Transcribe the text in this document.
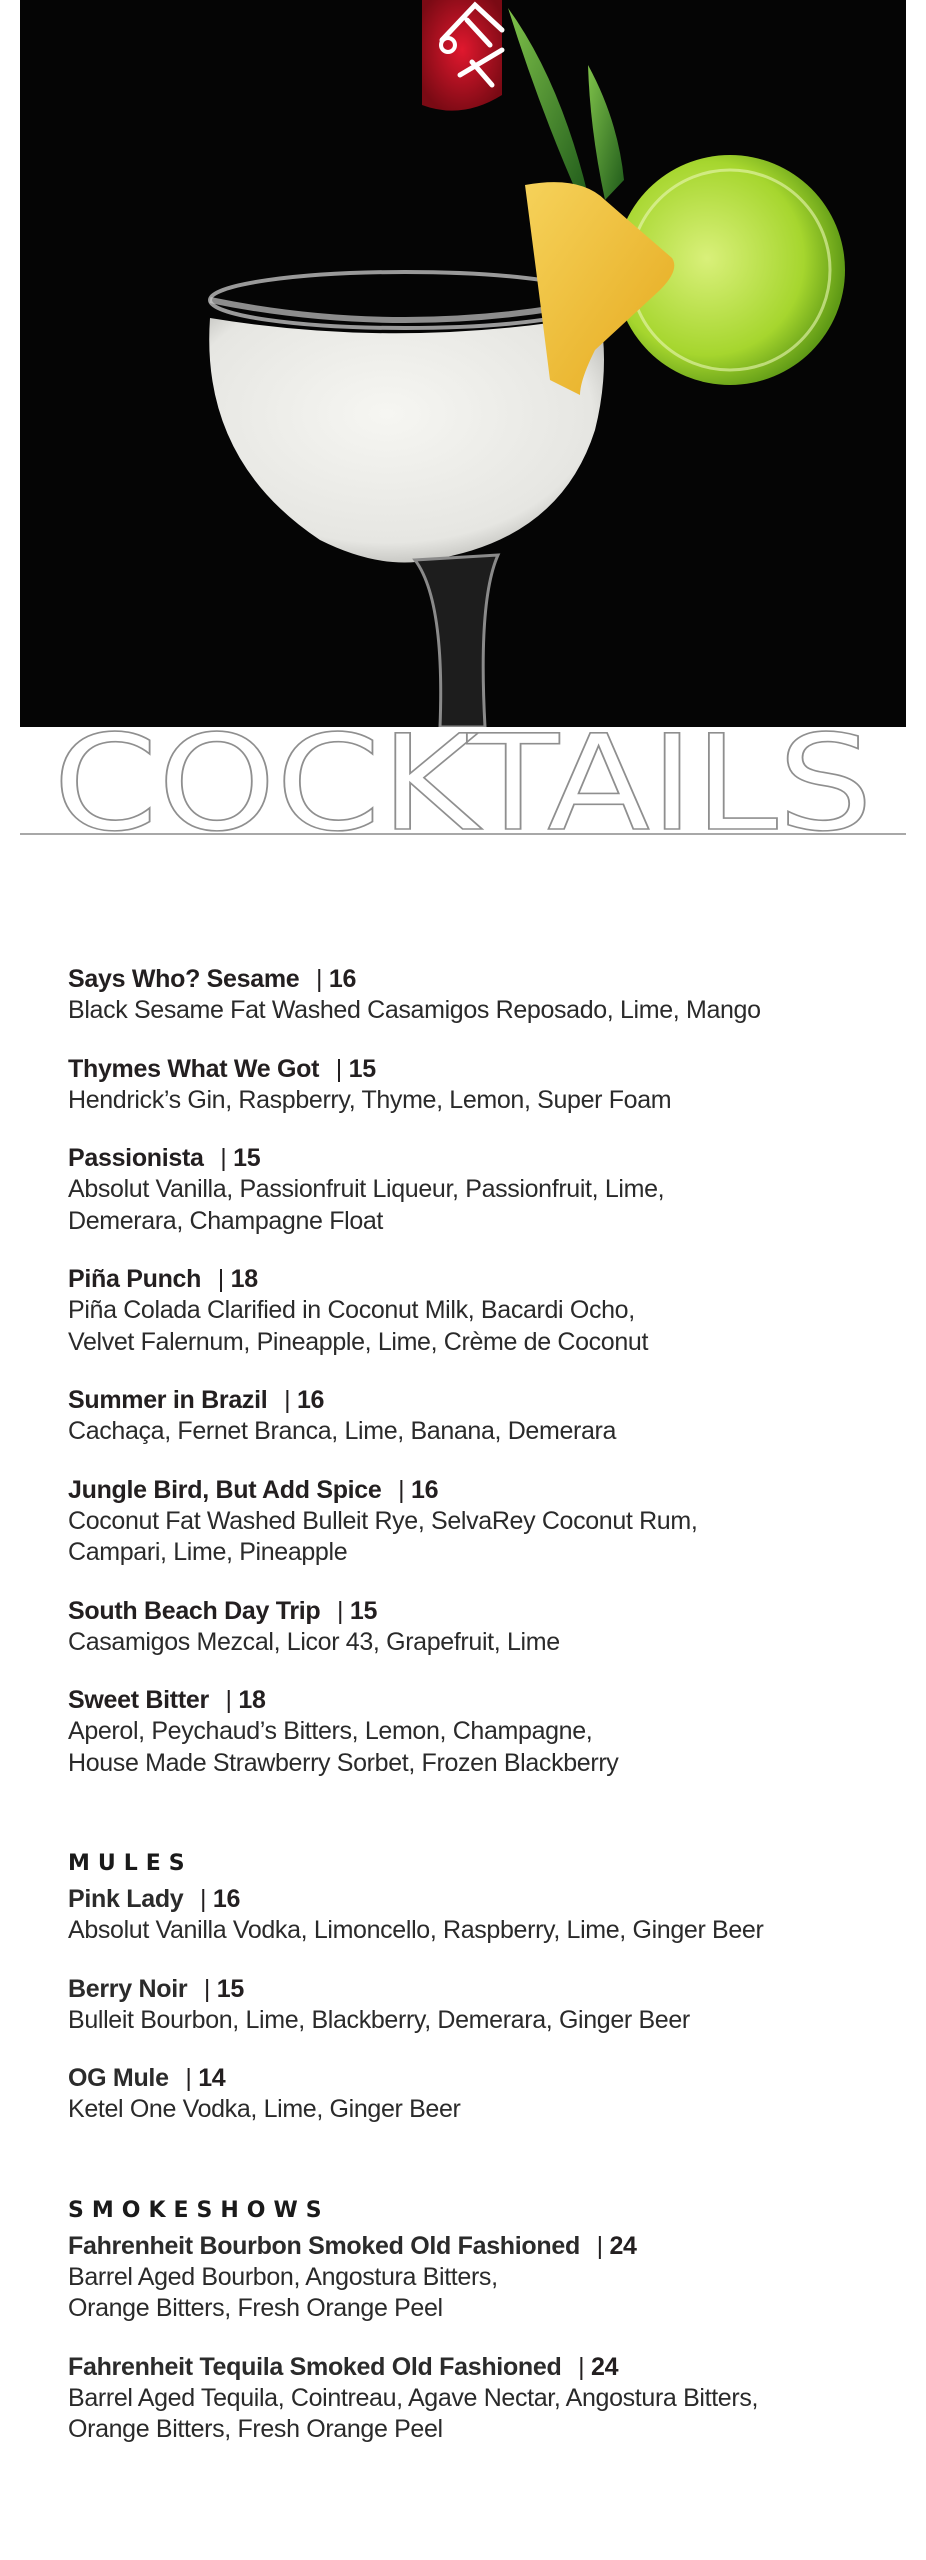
COCKTAILS
Says Who? Sesame | 16
Black Sesame Fat Washed Casamigos Reposado, Lime, Mango
Thymes What We Got | 15
Hendrick’s Gin, Raspberry, Thyme, Lemon, Super Foam
Passionista | 15
Absolut Vanilla, Passionfruit Liqueur, Passionfruit, Lime,
Demerara, Champagne Float
Piña Punch | 18
Piña Colada Clarified in Coconut Milk, Bacardi Ocho,
Velvet Falernum, Pineapple, Lime, Crème de Coconut
Summer in Brazil | 16
Cachaça, Fernet Branca, Lime, Banana, Demerara
Jungle Bird, But Add Spice | 16
Coconut Fat Washed Bulleit Rye, SelvaRey Coconut Rum,
Campari, Lime, Pineapple
South Beach Day Trip | 15
Casamigos Mezcal, Licor 43, Grapefruit, Lime
Sweet Bitter | 18
Aperol, Peychaud’s Bitters, Lemon, Champagne,
House Made Strawberry Sorbet, Frozen Blackberry
MULES
Pink Lady | 16
Absolut Vanilla Vodka, Limoncello, Raspberry, Lime, Ginger Beer
Berry Noir | 15
Bulleit Bourbon, Lime, Blackberry, Demerara, Ginger Beer
OG Mule | 14
Ketel One Vodka, Lime, Ginger Beer
SMOKESHOWS
Fahrenheit Bourbon Smoked Old Fashioned | 24
Barrel Aged Bourbon, Angostura Bitters,
Orange Bitters, Fresh Orange Peel
Fahrenheit Tequila Smoked Old Fashioned | 24
Barrel Aged Tequila, Cointreau, Agave Nectar, Angostura Bitters,
Orange Bitters, Fresh Orange Peel
